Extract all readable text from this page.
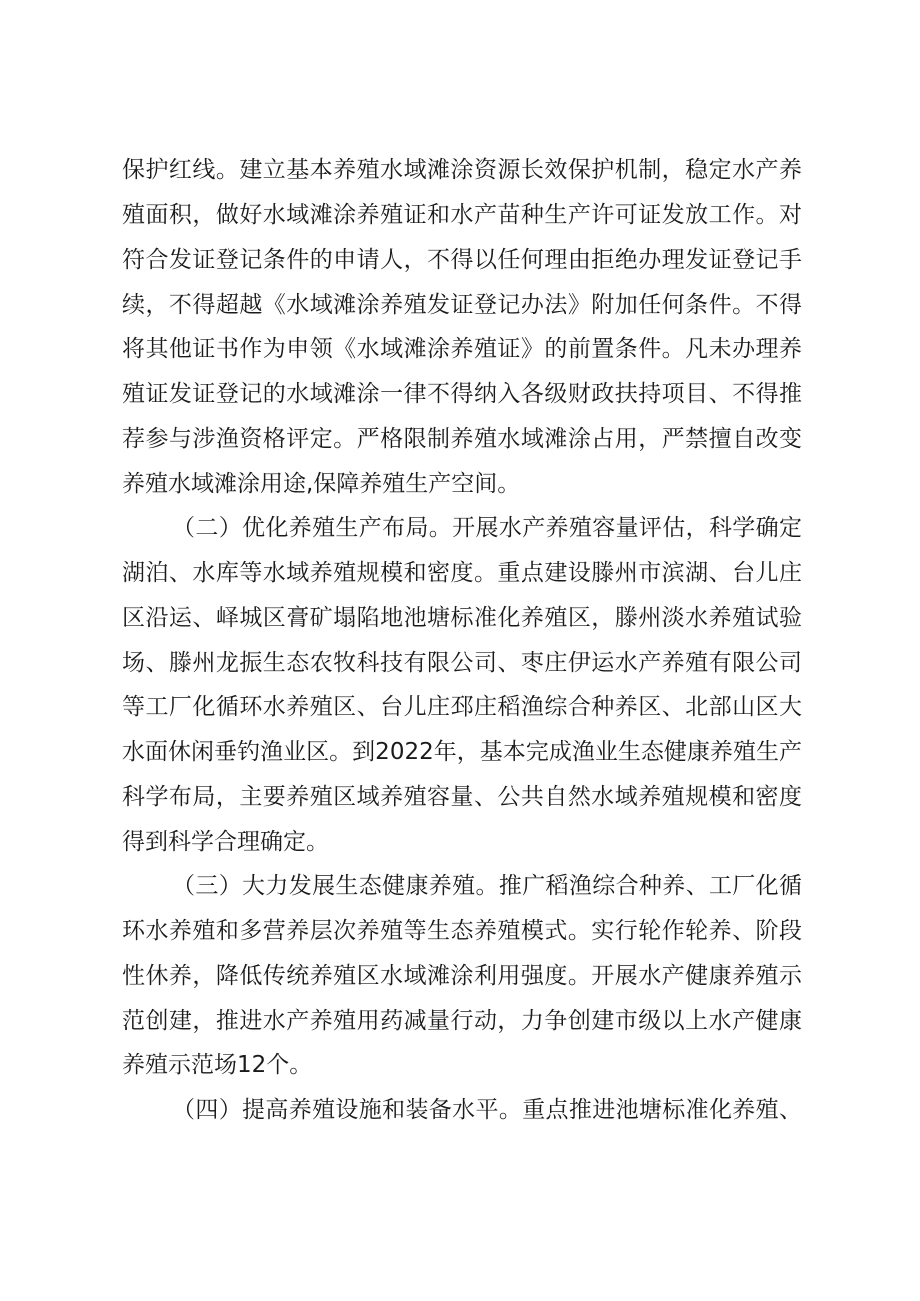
保护红线。建立基本养殖水域滩涂资源长效保护机制，稳定水产养
殖面积，做好水域滩涂养殖证和水产苗种生产许可证发放工作。对
符合发证登记条件的申请人，不得以任何理由拒绝办理发证登记手
续，不得超越《水域滩涂养殖发证登记办法》附加任何条件。不得
将其他证书作为申领《水域滩涂养殖证》的前置条件。凡未办理养
殖证发证登记的水域滩涂一律不得纳入各级财政扶持项目、不得推
荐参与涉渔资格评定。严格限制养殖水域滩涂占用，严禁擅自改变
养殖水域滩涂用途,保障养殖生产空间。
（二）优化养殖生产布局。开展水产养殖容量评估，科学确定
湖泊、水库等水域养殖规模和密度。重点建设滕州市滨湖、台儿庄
区沿运、峄城区膏矿塌陷地池塘标准化养殖区，滕州淡水养殖试验
场、滕州龙振生态农牧科技有限公司、枣庄伊运水产养殖有限公司
等工厂化循环水养殖区、台儿庄邳庄稻渔综合种养区、北部山区大
水面休闲垂钓渔业区。到2022年，基本完成渔业生态健康养殖生产
科学布局，主要养殖区域养殖容量、公共自然水域养殖规模和密度
得到科学合理确定。
（三）大力发展生态健康养殖。推广稻渔综合种养、工厂化循
环水养殖和多营养层次养殖等生态养殖模式。实行轮作轮养、阶段
性休养，降低传统养殖区水域滩涂利用强度。开展水产健康养殖示
范创建，推进水产养殖用药减量行动，力争创建市级以上水产健康
养殖示范场12个。
（四）提高养殖设施和装备水平。重点推进池塘标准化养殖、
